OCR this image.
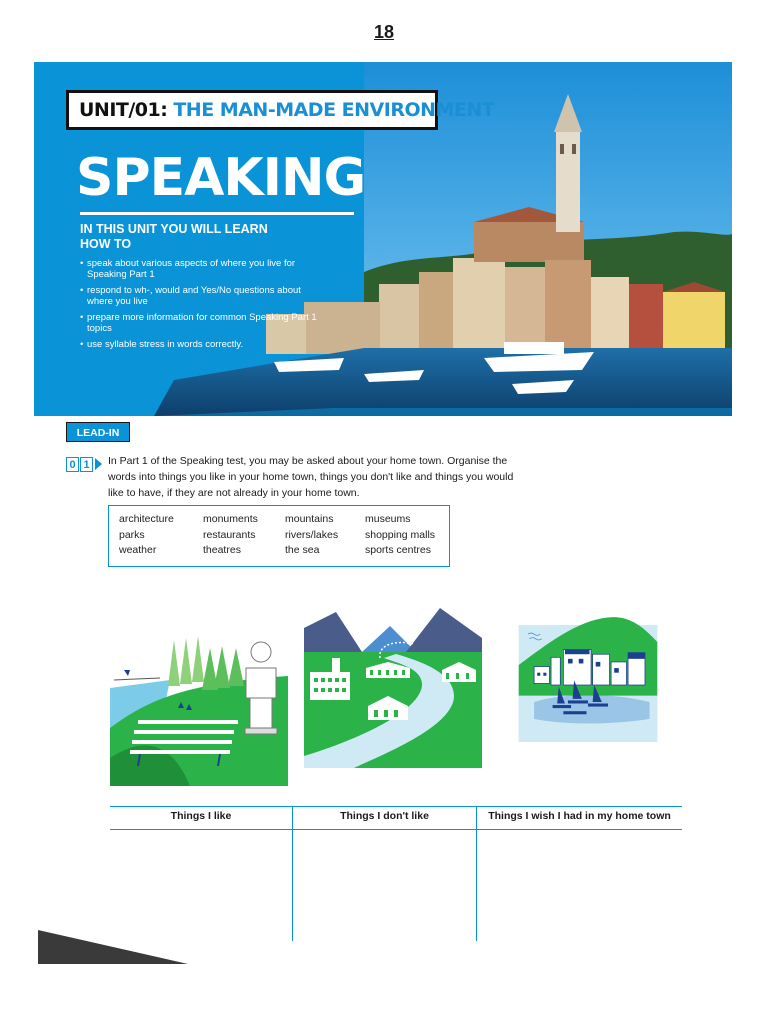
18
UNIT/01: THE MAN-MADE ENVIRONMENT
SPEAKING
IN THIS UNIT YOU WILL LEARN HOW TO
• speak about various aspects of where you live for Speaking Part 1
• respond to wh-, would and Yes/No questions about where you live
• prepare more information for common Speaking Part 1 topics
• use syllable stress in words correctly.
LEAD-IN
0 1	In Part 1 of the Speaking test, you may be asked about your home town. Organise the words into things you like in your home town, things you don't like and things you would like to have, if they are not already in your home town.
architecture	monuments	mountains	museums
parks	restaurants	rivers/lakes	shopping malls
weather	theatres	the sea	sports centres
Things I like	Things I don't like	Things I wish I had in my home town
